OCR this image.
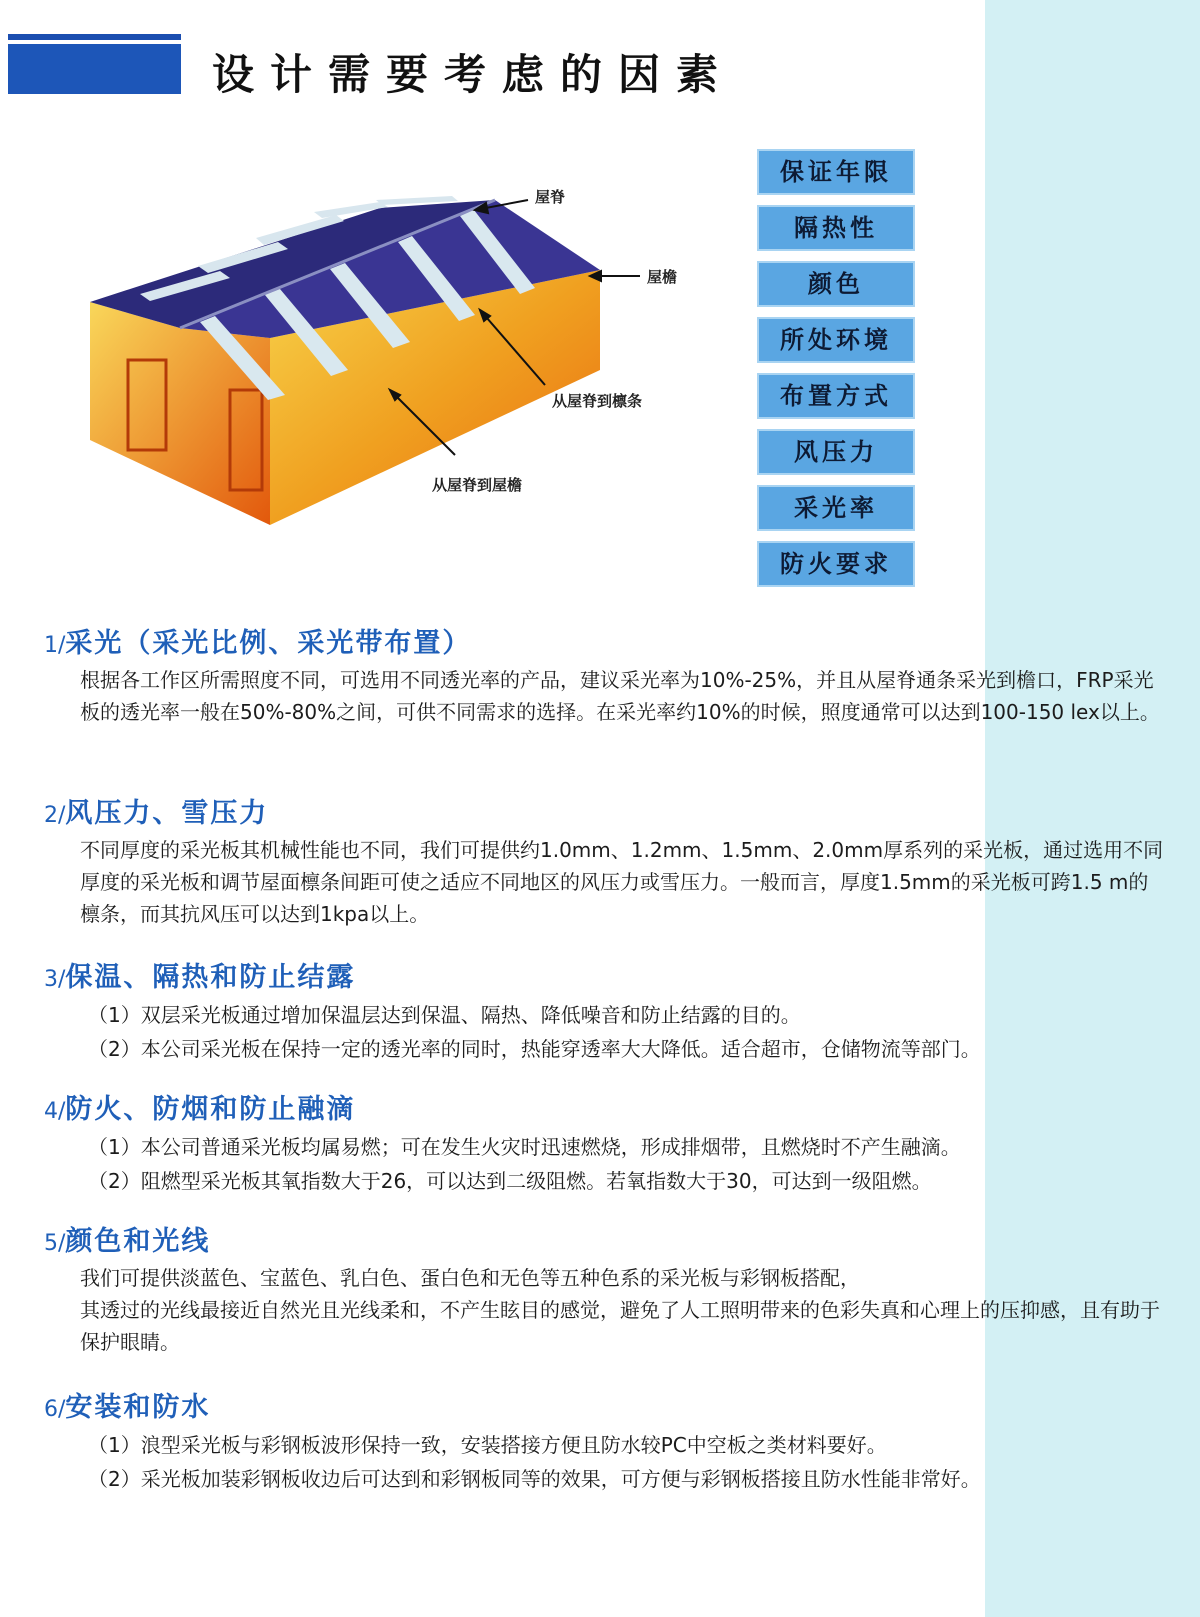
设计需要考虑的因素
屋脊
屋檐
从屋脊到檩条
从屋脊到屋檐
保证年限
隔热性
颜色
所处环境
布置方式
风压力
采光率
防火要求
1/采光（采光比例、采光带布置）
根据各工作区所需照度不同，可选用不同透光率的产品，建议采光率为10%-25%，并且从屋脊通条采光到檐口，FRP采光板的透光率一般在50%-80%之间，可供不同需求的选择。在采光率约10%的时候，照度通常可以达到100-150 lex以上。
2/风压力、雪压力
不同厚度的采光板其机械性能也不同，我们可提供约1.0mm、1.2mm、1.5mm、2.0mm厚系列的采光板，通过选用不同厚度的采光板和调节屋面檩条间距可使之适应不同地区的风压力或雪压力。一般而言，厚度1.5mm的采光板可跨1.5 m的檩条，而其抗风压可以达到1kpa以上。
3/保温、隔热和防止结露
（1）双层采光板通过增加保温层达到保温、隔热、降低噪音和防止结露的目的。
（2）本公司采光板在保持一定的透光率的同时，热能穿透率大大降低。适合超市，仓储物流等部门。
4/防火、防烟和防止融滴
（1）本公司普通采光板均属易燃；可在发生火灾时迅速燃烧，形成排烟带，且燃烧时不产生融滴。
（2）阻燃型采光板其氧指数大于26，可以达到二级阻燃。若氧指数大于30，可达到一级阻燃。
5/颜色和光线
我们可提供淡蓝色、宝蓝色、乳白色、蛋白色和无色等五种色系的采光板与彩钢板搭配，
其透过的光线最接近自然光且光线柔和，不产生眩目的感觉，避免了人工照明带来的色彩失真和心理上的压抑感，且有助于保护眼睛。
6/安装和防水
（1）浪型采光板与彩钢板波形保持一致，安装搭接方便且防水较PC中空板之类材料要好。
（2）采光板加装彩钢板收边后可达到和彩钢板同等的效果，可方便与彩钢板搭接且防水性能非常好。
